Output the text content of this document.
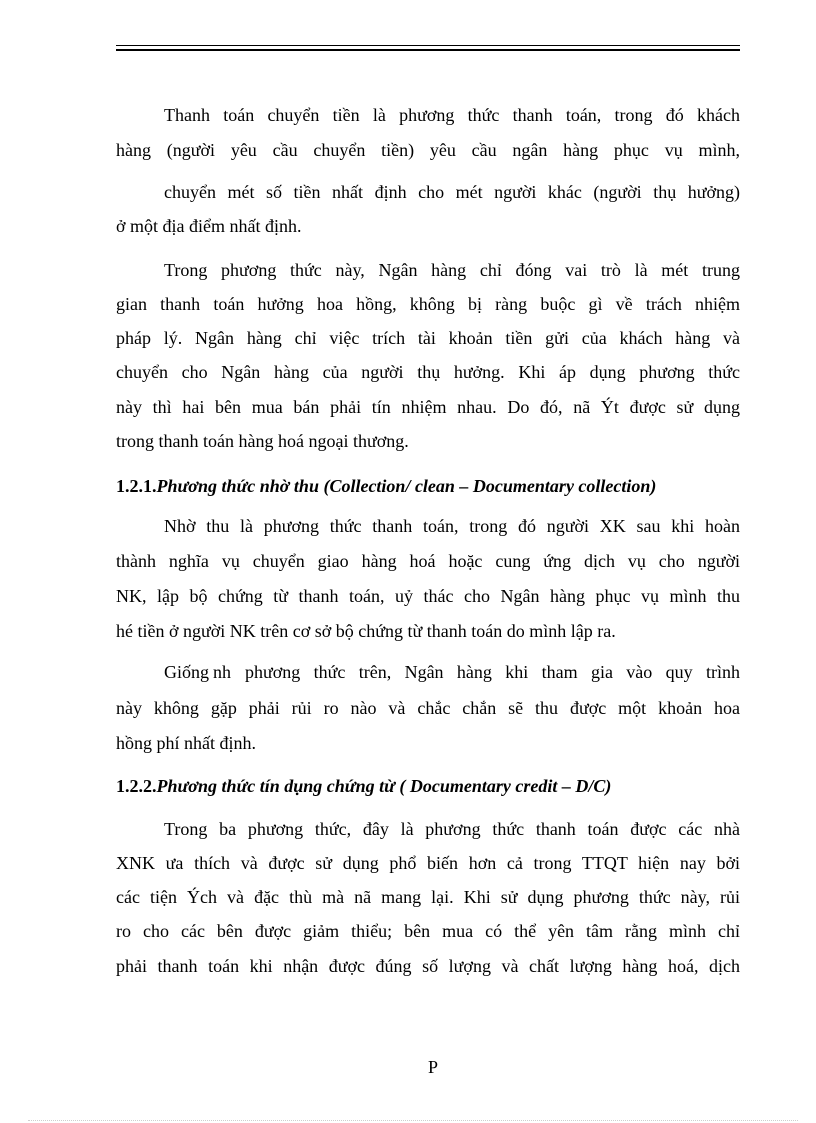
Thanh toán chuyển tiền là phương thức thanh toán, trong đó khách
hàng (người yêu cầu chuyển tiền) yêu cầu ngân hàng phục vụ mình,
chuyển mét số tiền nhất định cho mét người khác (người thụ hưởng)
ở một địa điểm nhất định.
Trong phương thức này, Ngân hàng chỉ đóng vai trò là mét trung
gian thanh toán hưởng hoa hồng, không bị ràng buộc gì về trách nhiệm
pháp lý. Ngân hàng chỉ việc trích tài khoản tiền gửi của khách hàng và
chuyển cho Ngân hàng của người thụ hưởng. Khi áp dụng phương thức
này thì hai bên mua bán phải tín nhiệm nhau. Do đó, nã Ýt được sử dụng
trong thanh toán hàng hoá ngoại thương.
1.2.1.Phương thức nhờ thu (Collection/ clean – Documentary collection)
Nhờ thu là phương thức thanh toán, trong đó người XK sau khi hoàn
thành nghĩa vụ chuyển giao hàng hoá hoặc cung ứng dịch vụ cho người
NK, lập bộ chứng từ thanh toán, uỷ thác cho Ngân hàng phục vụ mình thu
hé tiền ở người NK trên cơ sở bộ chứng từ thanh toán do mình lập ra.
Giống nh phương thức trên, Ngân hàng khi tham gia vào quy trình
này không gặp phải rủi ro nào và chắc chắn sẽ thu được một khoản hoa
hồng phí nhất định.
1.2.2.Phương thức tín dụng chứng từ ( Documentary credit – D/C)
Trong ba phương thức, đây là phương thức thanh toán được các nhà
XNK ưa thích và được sử dụng phổ biến hơn cả trong TTQT hiện nay bởi
các tiện Ých và đặc thù mà nã mang lại. Khi sử dụng phương thức này, rủi
ro cho các bên được giảm thiểu; bên mua có thể yên tâm rằng mình chỉ
phải thanh toán khi nhận được đúng số lượng và chất lượng hàng hoá, dịch
P
